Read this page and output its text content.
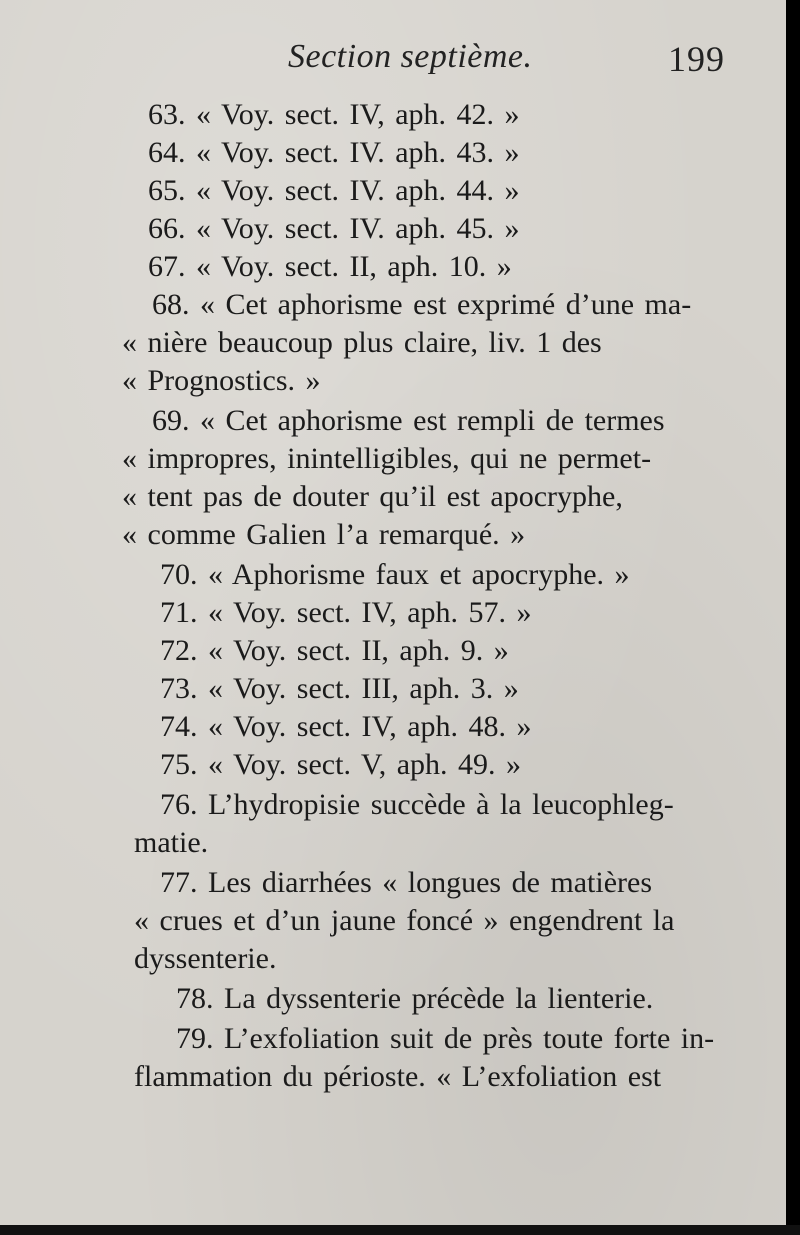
Section septième.	199
63. « Voy. sect. IV, aph. 42. »
64. « Voy. sect. IV. aph. 43. »
65. « Voy. sect. IV. aph. 44. »
66. « Voy. sect. IV. aph. 45. »
67. « Voy. sect. II, aph. 10. »
68. « Cet aphorisme est exprimé d’une ma-
« nière beaucoup plus claire, liv. 1 des
« Prognostics. »
69. « Cet aphorisme est rempli de termes
« impropres, inintelligibles, qui ne permet-
« tent pas de douter qu’il est apocryphe,
« comme Galien l’a remarqué. »
70. « Aphorisme faux et apocryphe. »
71. « Voy. sect. IV, aph. 57. »
72. « Voy. sect. II, aph. 9. »
73. « Voy. sect. III, aph. 3. »
74. « Voy. sect. IV, aph. 48. »
75. « Voy. sect. V, aph. 49. »
76. L’hydropisie succède à la leucophleg-
matie.
77. Les diarrhées « longues de matières
« crues et d’un jaune foncé » engendrent la
dyssenterie.
78. La dyssenterie précède la lienterie.
79. L’exfoliation suit de près toute forte in-
flammation du périoste. « L’exfoliation est
